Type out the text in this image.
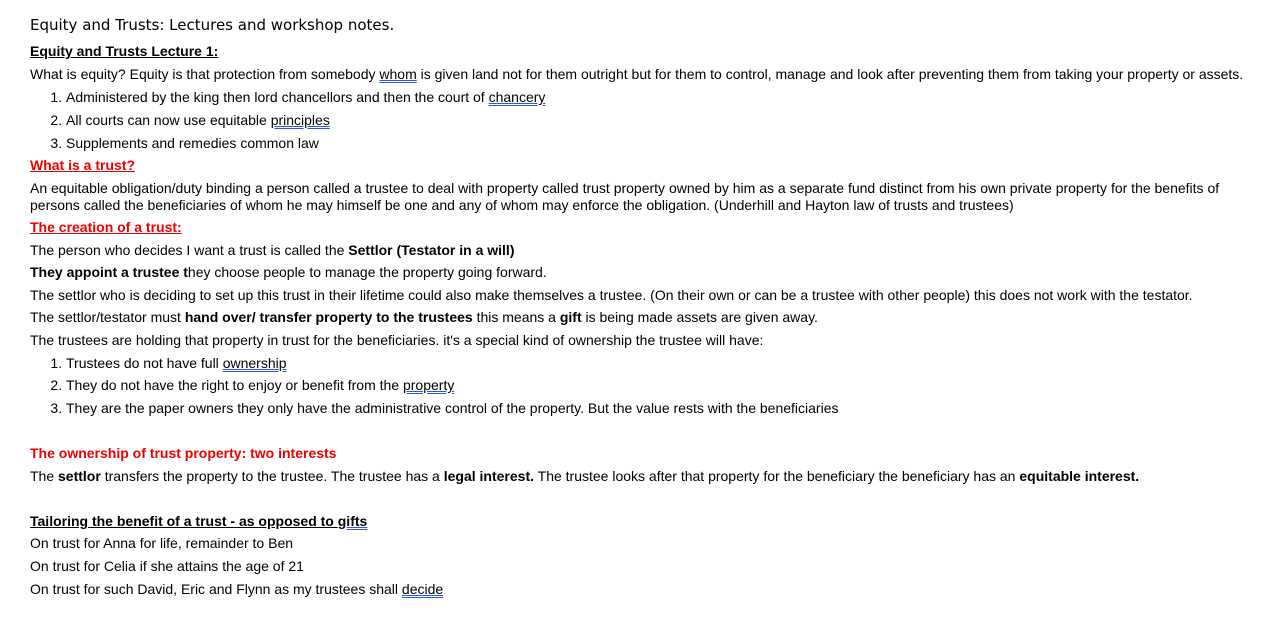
Equity and Trusts: Lectures and workshop notes.

Equity and Trusts Lecture 1:

What is equity? Equity is that protection from somebody whom is given land not for them outright but for them to control, manage and look after preventing them from taking your property or assets.

1. Administered by the king then lord chancellors and then the court of chancery
2. All courts can now use equitable principles
3. Supplements and remedies common law

What is a trust?

An equitable obligation/duty binding a person called a trustee to deal with property called trust property owned by him as a separate fund distinct from his own private property for the benefits of persons called the beneficiaries of whom he may himself be one and any of whom may enforce the obligation. (Underhill and Hayton law of trusts and trustees)

The creation of a trust:

The person who decides I want a trust is called the Settlor (Testator in a will)

They appoint a trustee they choose people to manage the property going forward.

The settlor who is deciding to set up this trust in their lifetime could also make themselves a trustee. (On their own or can be a trustee with other people) this does not work with the testator.

The settlor/testator must hand over/ transfer property to the trustees this means a gift is being made assets are given away.

The trustees are holding that property in trust for the beneficiaries. it's a special kind of ownership the trustee will have:

1. Trustees do not have full ownership
2. They do not have the right to enjoy or benefit from the property
3. They are the paper owners they only have the administrative control of the property. But the value rests with the beneficiaries

The ownership of trust property: two interests

The settlor transfers the property to the trustee. The trustee has a legal interest. The trustee looks after that property for the beneficiary the beneficiary has an equitable interest.

Tailoring the benefit of a trust - as opposed to gifts

On trust for Anna for life, remainder to Ben

On trust for Celia if she attains the age of 21

On trust for such David, Eric and Flynn as my trustees shall decide
